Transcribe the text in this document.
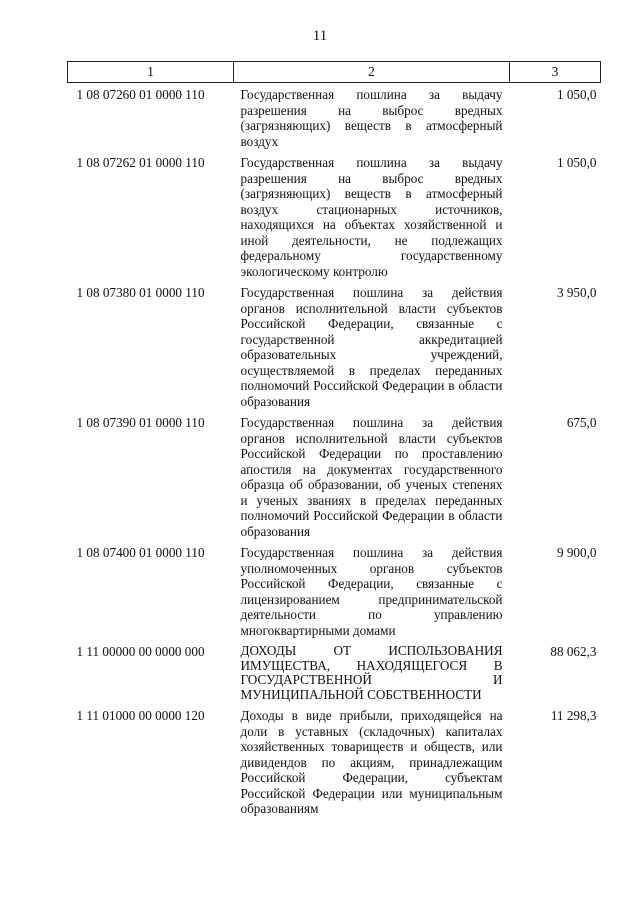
11
1	2	3
1 08 07260 01 0000 110	Государственная пошлина за выдачу разрешения на выброс вредных (загрязняющих) веществ в атмосферный воздух	1 050,0
1 08 07262 01 0000 110	Государственная пошлина за выдачу разрешения на выброс вредных (загрязняющих) веществ в атмосферный воздух стационарных источников, находящихся на объектах хозяйственной и иной деятельности, не подлежащих федеральному государственному экологическому контролю	1 050,0
1 08 07380 01 0000 110	Государственная пошлина за действия органов исполнительной власти субъектов Российской Федерации, связанные с государственной аккредитацией образовательных учреждений, осуществляемой в пределах переданных полномочий Российской Федерации в области образования	3 950,0
1 08 07390 01 0000 110	Государственная пошлина за действия органов исполнительной власти субъектов Российской Федерации по проставлению апостиля на документах государственного образца об образовании, об ученых степенях и ученых званиях в пределах переданных полномочий Российской Федерации в области образования	675,0
1 08 07400 01 0000 110	Государственная пошлина за действия уполномоченных органов субъектов Российской Федерации, связанные с лицензированием предпринимательской деятельности по управлению многоквартирными домами	9 900,0
1 11 00000 00 0000 000	ДОХОДЫ ОТ ИСПОЛЬЗОВАНИЯ ИМУЩЕСТВА, НАХОДЯЩЕГОСЯ В ГОСУДАРСТВЕННОЙ И МУНИЦИПАЛЬНОЙ СОБСТВЕННОСТИ	88 062,3
1 11 01000 00 0000 120	Доходы в виде прибыли, приходящейся на доли в уставных (складочных) капиталах хозяйственных товариществ и обществ, или дивидендов по акциям, принадлежащим Российской Федерации, субъектам Российской Федерации или муниципальным образованиям	11 298,3
